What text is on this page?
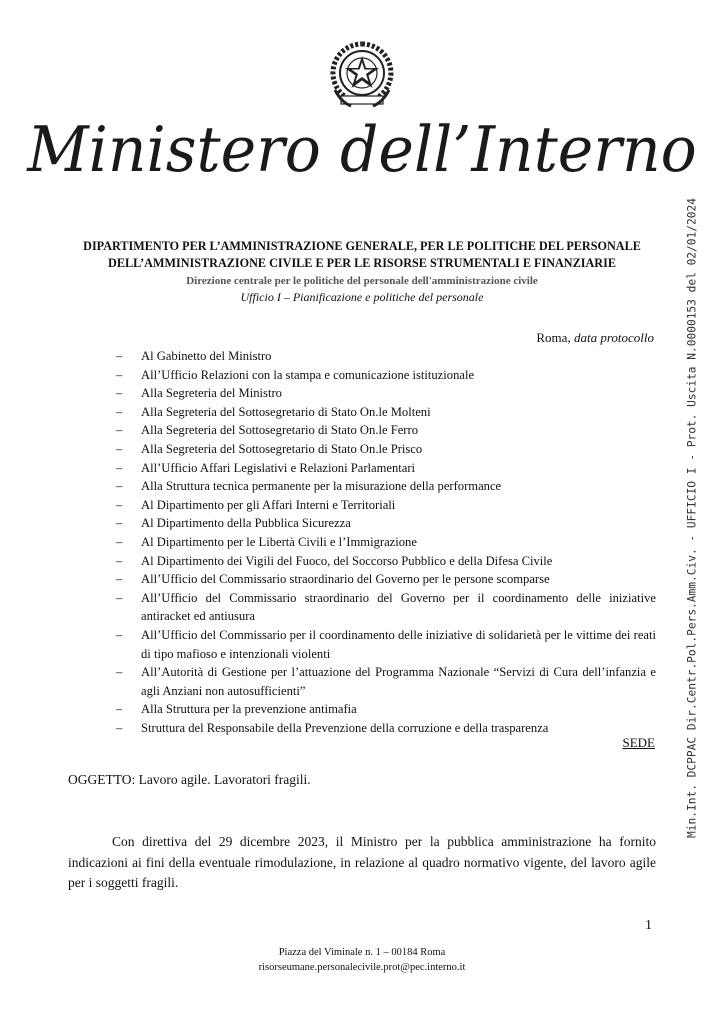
Ministero dell’Interno
DIPARTIMENTO PER L’AMMINISTRAZIONE GENERALE, PER LE POLITICHE DEL PERSONALE
DELL’AMMINISTRAZIONE CIVILE E PER LE RISORSE STRUMENTALI E FINANZIARIE
Direzione centrale per le politiche del personale dell'amministrazione civile
Ufficio I – Pianificazione e politiche del personale
Roma, data protocollo
– Al Gabinetto del Ministro
– All’Ufficio Relazioni con la stampa e comunicazione istituzionale
– Alla Segreteria del Ministro
– Alla Segreteria del Sottosegretario di Stato On.le Molteni
– Alla Segreteria del Sottosegretario di Stato On.le Ferro
– Alla Segreteria del Sottosegretario di Stato On.le Prisco
– All’Ufficio Affari Legislativi e Relazioni Parlamentari
– Alla Struttura tecnica permanente per la misurazione della performance
– Al Dipartimento per gli Affari Interni e Territoriali
– Al Dipartimento della Pubblica Sicurezza
– Al Dipartimento per le Libertà Civili e l’Immigrazione
– Al Dipartimento dei Vigili del Fuoco, del Soccorso Pubblico e della Difesa Civile
– All’Ufficio del Commissario straordinario del Governo per le persone scomparse
– All’Ufficio del Commissario straordinario del Governo per il coordinamento delle iniziative antiracket ed antiusura
– All’Ufficio del Commissario per il coordinamento delle iniziative di solidarietà per le vittime dei reati di tipo mafioso e intenzionali violenti
– All’Autorità di Gestione per l’attuazione del Programma Nazionale “Servizi di Cura dell’infanzia e agli Anziani non autosufficienti”
– Alla Struttura per la prevenzione antimafia
– Struttura del Responsabile della Prevenzione della corruzione e della trasparenza
SEDE
OGGETTO: Lavoro agile. Lavoratori fragili.

Con direttiva del 29 dicembre 2023, il Ministro per la pubblica amministrazione ha fornito indicazioni ai fini della eventuale rimodulazione, in relazione al quadro normativo vigente, del lavoro agile per i soggetti fragili.

1
Piazza del Viminale n. 1 – 00184 Roma
risorseumane.personalecivile.prot@pec.interno.it
Min.Int. DCPPAC Dir.Centr.Pol.Pers.Amm.Civ. - UFFICIO I - Prot. Uscita N.0000153 del 02/01/2024
